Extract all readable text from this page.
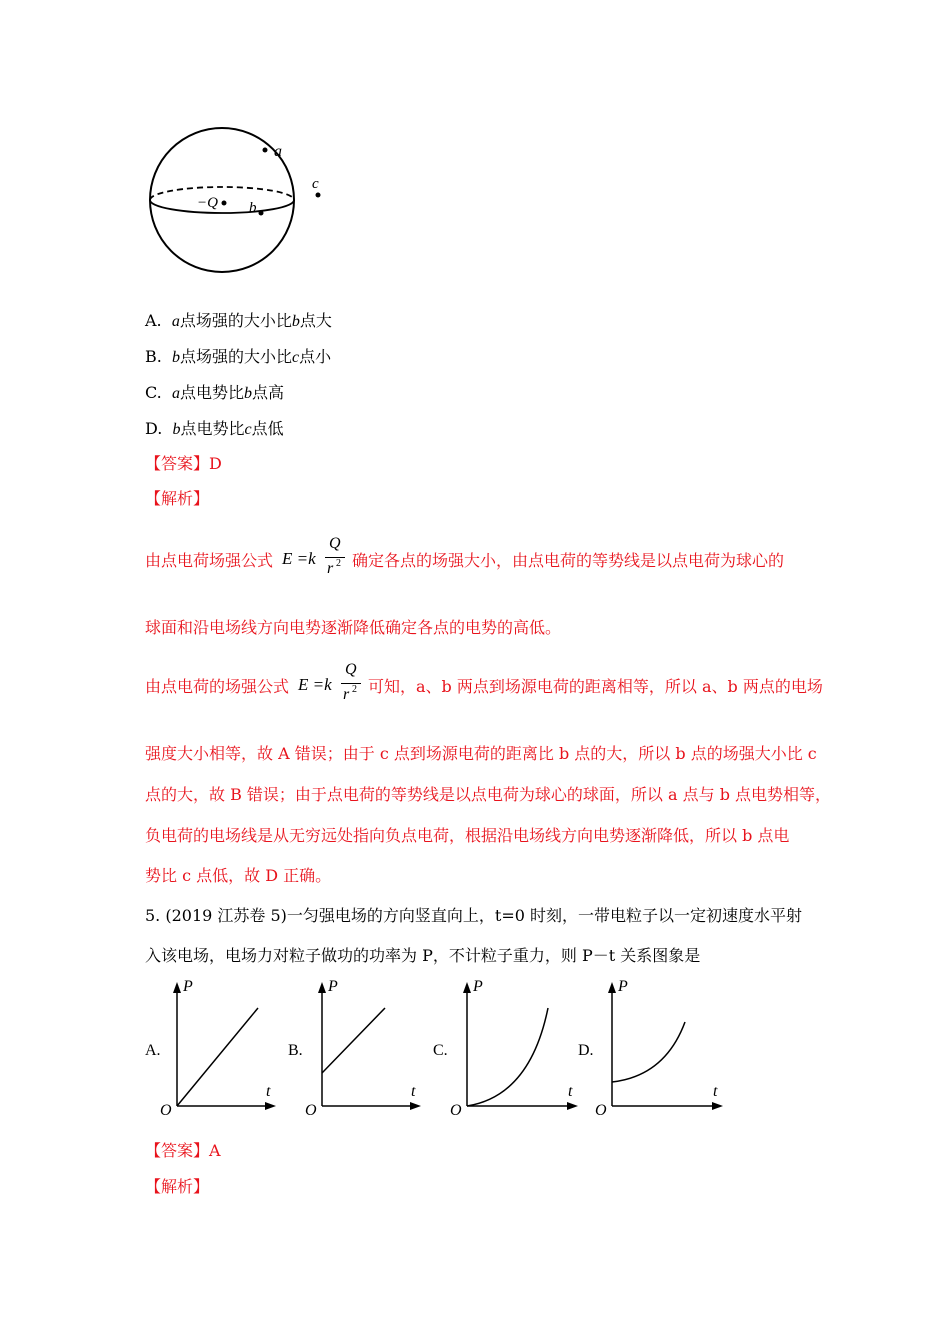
a
−Q b
c
A. a点场强的大小比b点大
B. b点场强的大小比c点小
C. a点电势比b点高
D. b点电势比c点低
【答案】D
【解析】
由点电荷场强公式 E =k
Q
r 2 确定各点的场强大小，由点电荷的等势线是以点电荷为球心的
球面和沿电场线方向电势逐渐降低确定各点的电势的高低。
由点电荷的场强公式 E =k
Q
r 2 可知，a、b 两点到场源电荷的距离相等，所以 a、b 两点的电场
强度大小相等，故 A 错误；由于 c 点到场源电荷的距离比 b 点的大，所以 b 点的场强大小比 c
点的大，故 B 错误；由于点电荷的等势线是以点电荷为球心的球面，所以 a 点与 b 点电势相等，
负电荷的电场线是从无穷远处指向负点电荷，根据沿电场线方向电势逐渐降低，所以 b 点电
势比 c 点低，故 D 正确。
5. (2019 江苏卷 5)一匀强电场的方向竖直向上，t=0 时刻，一带电粒子以一定初速度水平射
入该电场，电场力对粒子做功的功率为 P，不计粒子重力，则 P－t 关系图象是
A.
P
t
O
B.
P
t
O
C.
P
t
O
D.
P
t
O
【答案】A
【解析】
